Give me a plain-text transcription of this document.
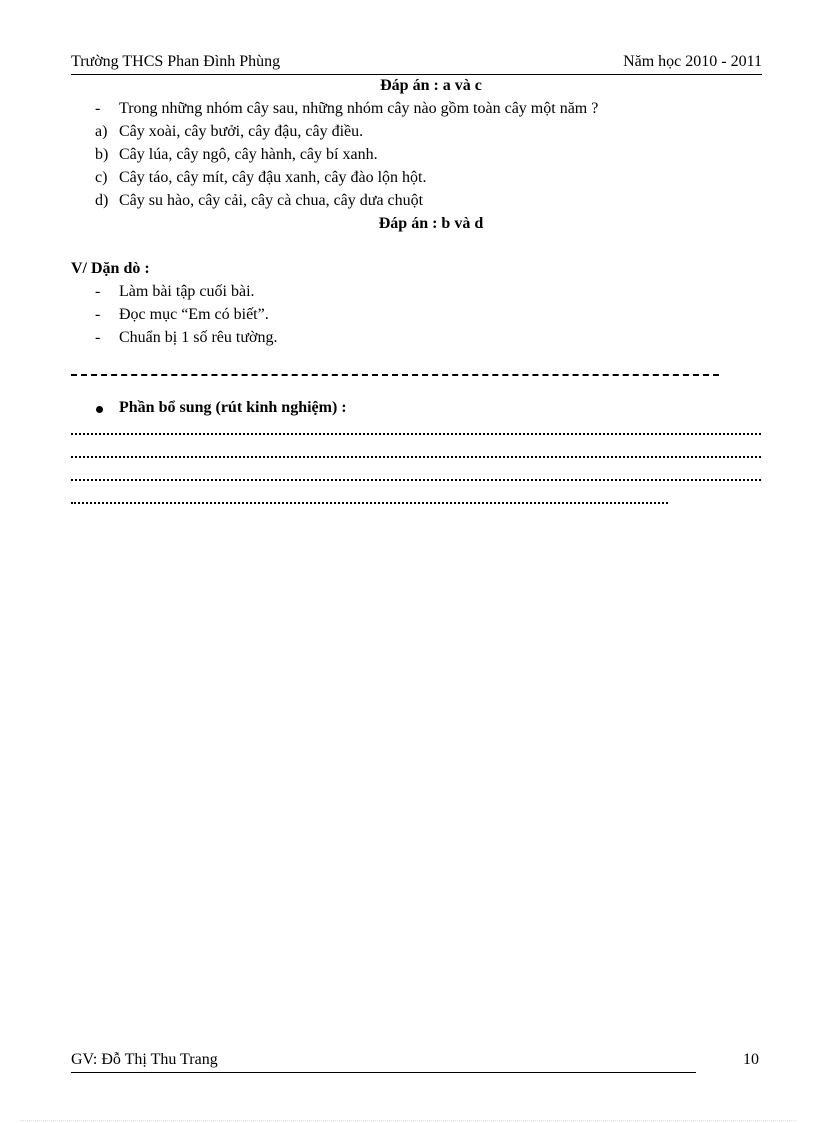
Trường THCS Phan Đình Phùng	Năm học 2010 - 2011
Đáp án : a và c
- Trong những nhóm cây sau, những nhóm cây nào gồm toàn cây một năm ?
a) Cây xoài, cây bưởi, cây đậu, cây điều.
b) Cây lúa, cây ngô, cây hành, cây bí xanh.
c) Cây táo, cây mít, cây đậu xanh, cây đào lộn hột.
d) Cây su hào, cây cải, cây cà chua, cây dưa chuột
Đáp án : b và d
V/ Dặn dò :
- Làm bài tập cuối bài.
- Đọc mục “Em có biết”.
- Chuẩn bị 1 số rêu tường.
Phần bổ sung (rút kinh nghiệm) :
GV: Đỗ Thị Thu Trang	10
